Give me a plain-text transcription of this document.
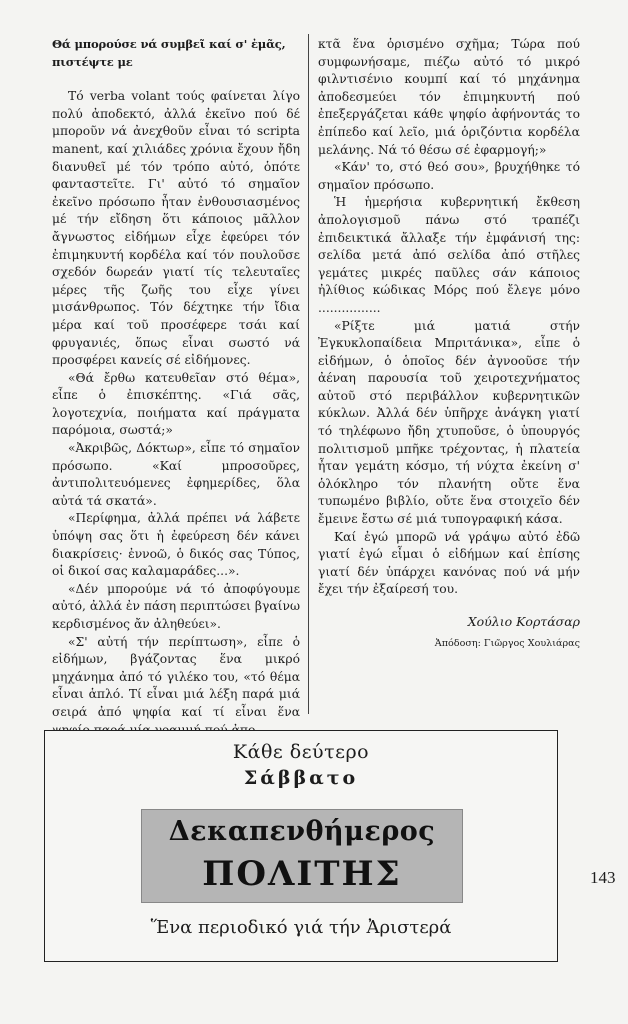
Θά μπορούσε νά συμβεῖ καί σ' ἐμᾶς, πιστέψτε με

Τό verba volant τούς φαίνεται λίγο πολύ ἀποδεκτό, ἀλλά ἐκεῖνο πού δέ μποροῦν νά ἀνεχθοῦν εἶναι τό scripta manent, καί χιλιάδες χρόνια ἔχουν ἤδη διανυθεῖ μέ τόν τρόπο αὐτό, ὁπότε φανταστεῖτε. Γι' αὐτό τό σημαῖον ἐκεῖνο πρόσωπο ἦταν ἐνθουσιασμένος μέ τήν εἴδηση ὅτι κάποιος μᾶλλον ἄγνωστος εἰδήμων εἶχε ἐφεύρει τόν ἐπιμηκυντή κορδέλα καί τόν πουλοῦσε σχεδόν δωρεάν γιατί τίς τελευταῖες μέρες τῆς ζωῆς του εἶχε γίνει μισάνθρωπος. Τόν δέχτηκε τήν ἴδια μέρα καί τοῦ προσέφερε τσάι καί φρυγανιές, ὅπως εἶναι σωστό νά προσφέρει κανείς σέ εἰδήμονες.

«Θά ἔρθω κατευθεῖαν στό θέμα», εἶπε ὁ ἐπισκέπτης. «Γιά σᾶς, λογοτεχνία, ποιήματα καί πράγματα παρόμοια, σωστά;»

«Ἀκριβῶς, Δόκτωρ», εἶπε τό σημαῖον πρόσωπο. «Καί μπροσοῦρες, ἀντιπολιτευόμενες ἐφημερίδες, ὅλα αὐτά τά σκατά».

«Περίφημα, ἀλλά πρέπει νά λάβετε ὑπόψη σας ὅτι ἡ ἐφεύρεση δέν κάνει διακρίσεις· ἐννοῶ, ὁ δικός σας Τύπος, οἱ δικοί σας καλαμαράδες...».

«Δέν μπορούμε νά τό ἀποφύγουμε αὐτό, ἀλλά ἐν πάση περιπτώσει βγαίνω κερδισμένος ἄν ἀληθεύει».

«Σ' αὐτή τήν περίπτωση», εἶπε ὁ εἰδήμων, βγάζοντας ἕνα μικρό μηχάνημα ἀπό τό γιλέκο του, «τό θέμα εἶναι ἁπλό. Τί εἶναι μιά λέξη παρά μιά σειρά ἀπό ψηφία καί τί εἶναι ἕνα

κτᾶ ἕνα ὁρισμένο σχῆμα; Τώρα πού συμφωνήσαμε, πιέζω αὐτό τό μικρό φιλντισένιο κουμπί καί τό μηχάνημα ἀποδεσμεύει τόν ἐπιμηκυντή πού ἐπεξεργάζεται κάθε ψηφίο ἀφήνοντάς το ἐπίπεδο καί λεῖο, μιά ὁριζόντια κορδέλα μελάνης. Νά τό θέσω σέ ἐφαρμογή;»

«Κάν' το, στό θεό σου», βρυχήθηκε τό σημαῖον πρόσωπο.

Ἡ ἡμερήσια κυβερνητική ἔκθεση ἀπολογισμοῦ πάνω στό τραπέζι ἐπιδεικτικά ἄλλαξε τήν ἐμφάνισή της: σελίδα μετά ἀπό σελίδα ἀπό στῆλες γεμάτες μικρές παῦλες σάν κάποιος ἠλίθιος κώδικας Μόρς πού ἔλεγε μόνο ................

«Ρίξτε μιά ματιά στήν Ἐγκυκλοπαίδεια Μπριτάνικα», εἶπε ὁ εἰδήμων, ὁ ὁποῖος δέν ἀγνοοῦσε τήν ἀέναη παρουσία τοῦ χειροτεχνήματος αὐτοῦ στό περιβάλλον κυβερνητικῶν κύκλων. Ἀλλά δέν ὑπῆρχε ἀνάγκη γιατί τό τηλέφωνο ἤδη χτυποῦσε, ὁ ὑπουργός πολιτισμοῦ μπῆκε τρέχοντας, ἡ πλατεία ἦταν γεμάτη κόσμο, τή νύχτα ἐκείνη σ' ὁλόκληρο τόν πλανήτη οὔτε ἕνα τυπωμένο βιβλίο, οὔτε ἕνα στοιχεῖο δέν ἔμεινε ἔστω σέ μιά τυπογραφική κάσα.

Καί ἐγώ μπορῶ νά γράψω αὐτό ἐδῶ γιατί ἐγώ εἶμαι ὁ εἰδήμων καί ἐπίσης γιατί δέν ὑπάρχει κανόνας πού νά μήν ἔχει τήν ἐξαίρεσή του.

Χούλιο Κορτάσαρ
Ἀπόδοση: Γιῶργος Χουλιάρας
Κάθε δεύτερο
Σάββατο
Δεκαπενθήμερος
ΠΟΛΙΤΗΣ
Ἕνα περιοδικό γιά τήν Ἀριστερά
143
